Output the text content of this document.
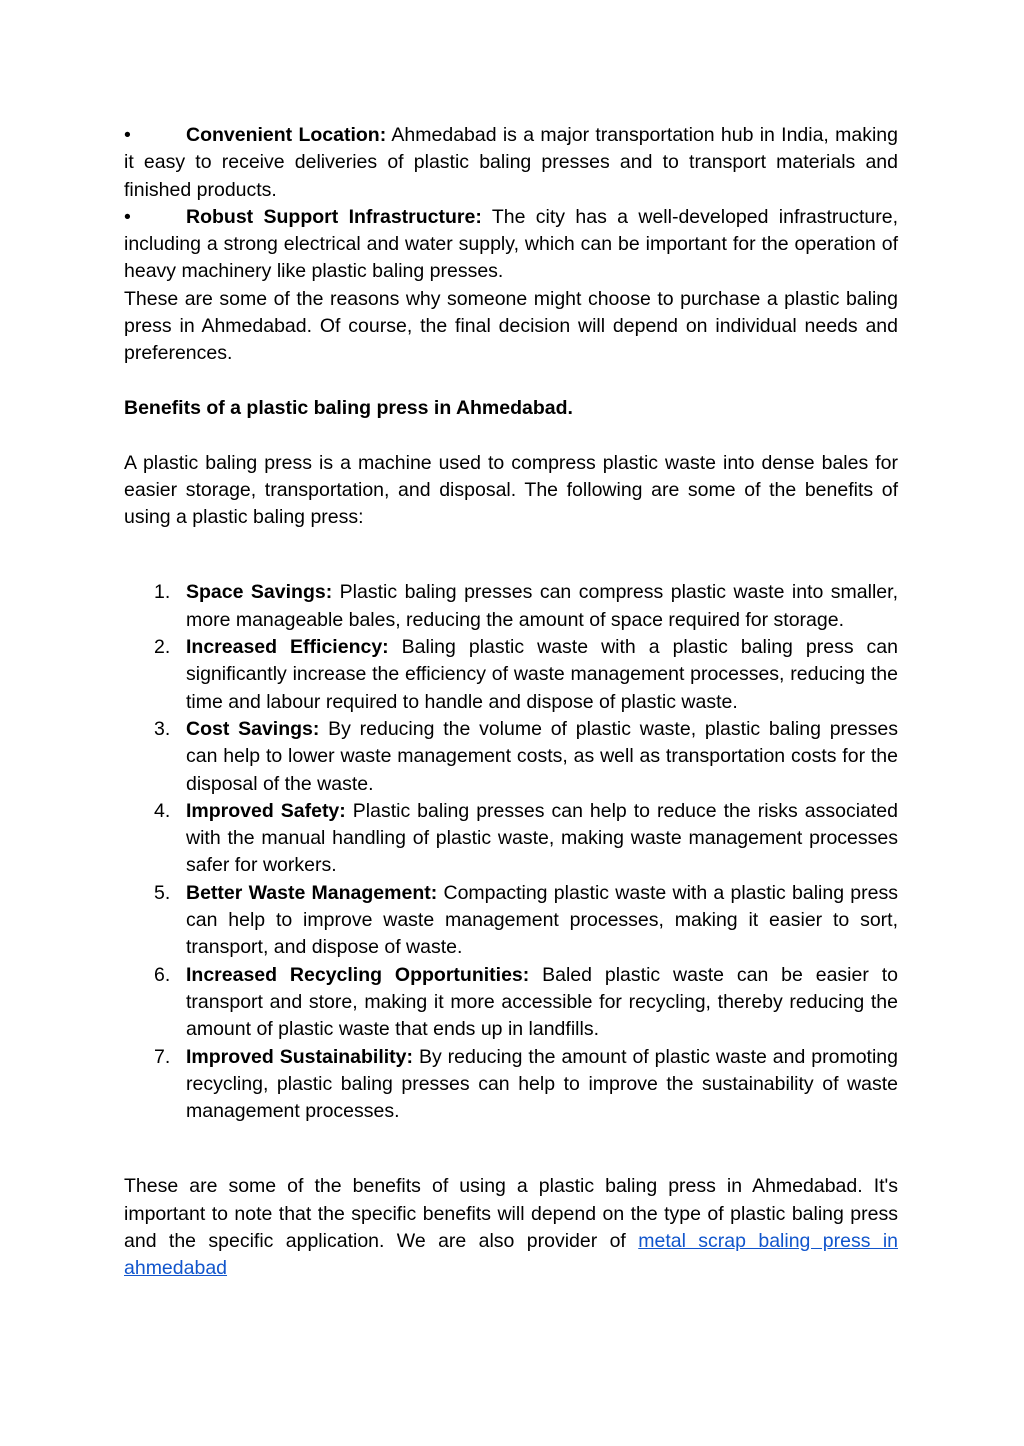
•	Convenient Location: Ahmedabad is a major transportation hub in India, making it easy to receive deliveries of plastic baling presses and to transport materials and finished products.

•	Robust Support Infrastructure: The city has a well-developed infrastructure, including a strong electrical and water supply, which can be important for the operation of heavy machinery like plastic baling presses.

These are some of the reasons why someone might choose to purchase a plastic baling press in Ahmedabad. Of course, the final decision will depend on individual needs and preferences.

Benefits of a plastic baling press in Ahmedabad.

A plastic baling press is a machine used to compress plastic waste into dense bales for easier storage, transportation, and disposal. The following are some of the benefits of using a plastic baling press:

1. Space Savings: Plastic baling presses can compress plastic waste into smaller, more manageable bales, reducing the amount of space required for storage.
2. Increased Efficiency: Baling plastic waste with a plastic baling press can significantly increase the efficiency of waste management processes, reducing the time and labour required to handle and dispose of plastic waste.
3. Cost Savings: By reducing the volume of plastic waste, plastic baling presses can help to lower waste management costs, as well as transportation costs for the disposal of the waste.
4. Improved Safety: Plastic baling presses can help to reduce the risks associated with the manual handling of plastic waste, making waste management processes safer for workers.
5. Better Waste Management: Compacting plastic waste with a plastic baling press can help to improve waste management processes, making it easier to sort, transport, and dispose of waste.
6. Increased Recycling Opportunities: Baled plastic waste can be easier to transport and store, making it more accessible for recycling, thereby reducing the amount of plastic waste that ends up in landfills.
7. Improved Sustainability: By reducing the amount of plastic waste and promoting recycling, plastic baling presses can help to improve the sustainability of waste management processes.

These are some of the benefits of using a plastic baling press in Ahmedabad. It's important to note that the specific benefits will depend on the type of plastic baling press and the specific application. We are also provider of metal scrap baling press in ahmedabad
